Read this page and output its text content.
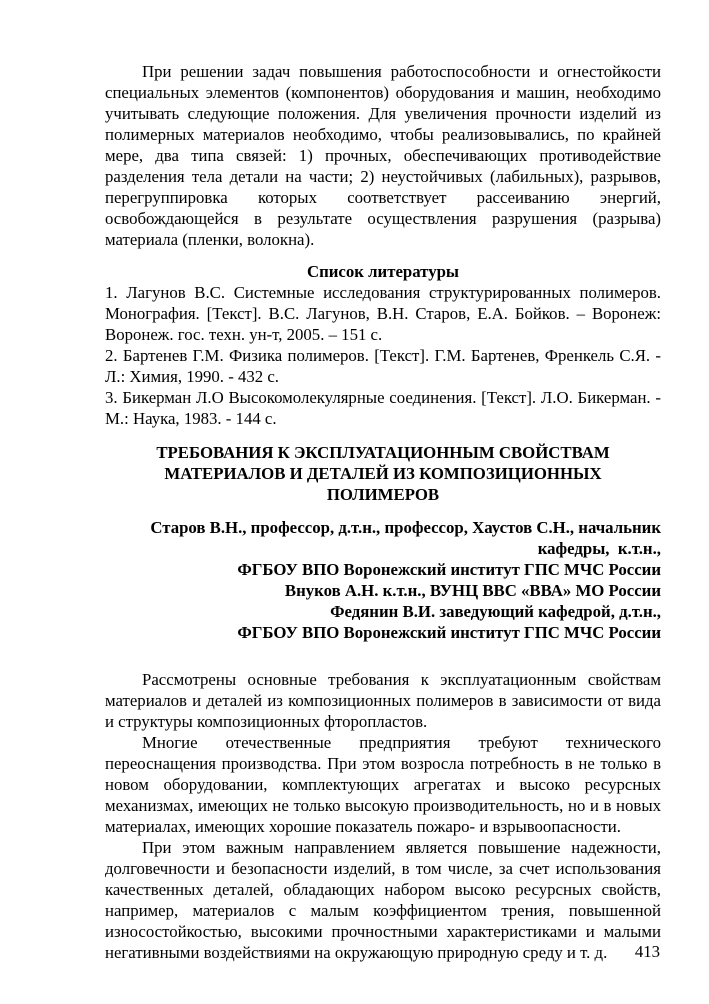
При решении задач повышения работоспособности и огнестойкости специальных элементов (компонентов) оборудования и машин, необходимо учитывать следующие положения. Для увеличения прочности изделий из полимерных материалов необходимо, чтобы реализовывались, по крайней мере, два типа связей: 1) прочных, обеспечивающих противодействие разделения тела детали на части; 2) неустойчивых (лабильных), разрывов, перегруппировка которых соответствует рассеиванию энергий, освобождающейся в результате осуществления разрушения (разрыва) материала (пленки, волокна).

Список литературы

1. Лагунов В.С. Системные исследования структурированных полимеров. Монография. [Текст]. В.С. Лагунов, В.Н. Старов, Е.А. Бойков. – Воронеж: Воронеж. гос. техн. ун-т, 2005. – 151 с.

2. Бартенев Г.М. Физика полимеров. [Текст]. Г.М. Бартенев, Френкель С.Я. - Л.: Химия, 1990. - 432 с.

3. Бикерман Л.О Высокомолекулярные соединения. [Текст]. Л.О. Бикерман. - М.: Наука, 1983. - 144 с.

ТРЕБОВАНИЯ К ЭКСПЛУАТАЦИОННЫМ СВОЙСТВАМ МАТЕРИАЛОВ И ДЕТАЛЕЙ ИЗ КОМПОЗИЦИОННЫХ ПОЛИМЕРОВ

Старов В.Н., профессор, д.т.н., профессор, Хаустов С.Н., начальник кафедры,  к.т.н.,

ФГБОУ ВПО Воронежский институт ГПС МЧС России

Внуков А.Н. к.т.н., ВУНЦ ВВС «ВВА» МО России

Федянин В.И. заведующий кафедрой, д.т.н.,

ФГБОУ ВПО Воронежский институт ГПС МЧС России

Рассмотрены основные требования к эксплуатационным свойствам материалов и деталей из композиционных полимеров в зависимости от вида и структуры композиционных фторопластов.

Многие отечественные предприятия требуют технического переоснащения производства. При этом возросла потребность в не только в новом оборудовании, комплектующих агрегатах и высоко ресурсных механизмах, имеющих не только высокую производительность, но и в новых материалах, имеющих хорошие показатель пожаро- и взрывоопасности.

При этом важным направлением является повышение надежности, долговечности и безопасности изделий, в том числе, за счет использования качественных деталей, обладающих набором высоко ресурсных свойств, например, материалов с малым коэффициентом трения, повышенной износостойкостью, высокими прочностными характеристиками и малыми негативными воздействиями на окружающую природную среду и т. д.	413
